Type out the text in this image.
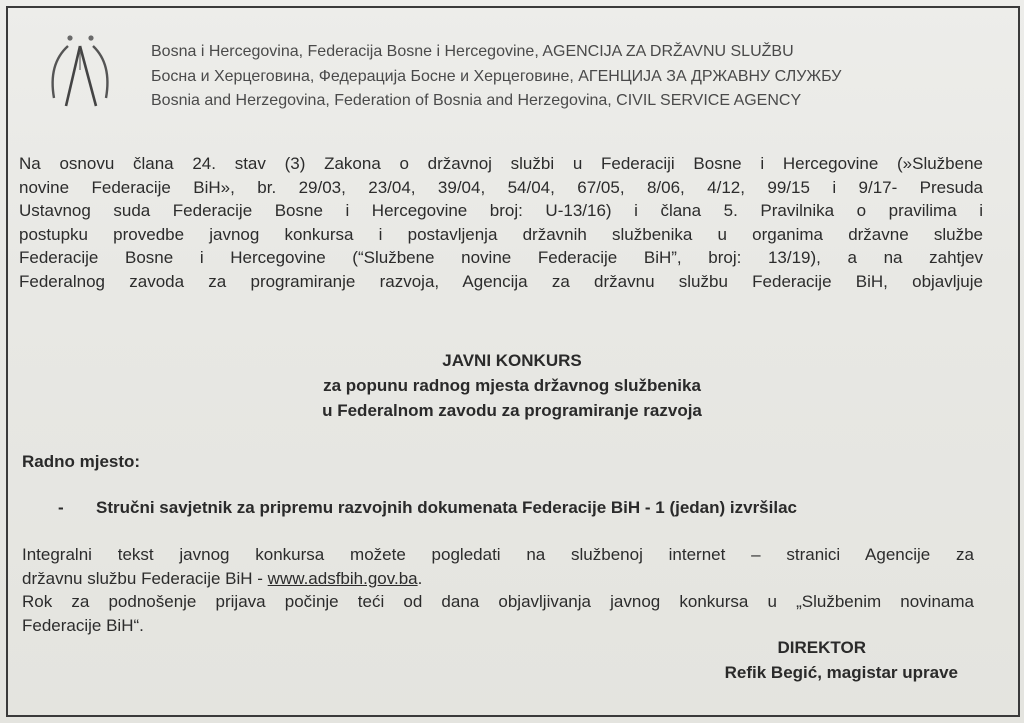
Bosna i Hercegovina, Federacija Bosne i Hercegovine, AGENCIJA ZA DRŽAVNU SLUŽBU
Босна и Херцеговина, Федерација Босне и Херцеговине, АГЕНЦИЈА ЗА ДРЖАВНУ СЛУЖБУ
Bosnia and Herzegovina, Federation of Bosnia and Herzegovina, CIVIL SERVICE AGENCY
Na osnovu člana 24. stav (3) Zakona o državnoj službi u Federaciji Bosne i Hercegovine (»Službene
novine Federacije BiH», br. 29/03, 23/04, 39/04, 54/04, 67/05, 8/06, 4/12, 99/15 i 9/17- Presuda
Ustavnog suda Federacije Bosne i Hercegovine broj: U-13/16) i člana 5. Pravilnika o pravilima i
postupku provedbe javnog konkursa i postavljenja državnih službenika u organima državne službe
Federacije Bosne i Hercegovine (“Službene novine Federacije BiH”, broj: 13/19), a na zahtjev
Federalnog zavoda za programiranje razvoja, Agencija za državnu službu Federacije BiH, objavljuje
JAVNI KONKURS
za popunu radnog mjesta državnog službenika
u Federalnom zavodu za programiranje razvoja
Radno mjesto:
- Stručni savjetnik za pripremu razvojnih dokumenata Federacije BiH - 1 (jedan) izvršilac
Integralni tekst javnog konkursa možete pogledati na službenoj internet – stranici Agencije za
državnu službu Federacije BiH - www.adsfbih.gov.ba.
Rok za podnošenje prijava počinje teći od dana objavljivanja javnog konkursa u „Službenim novinama
Federacije BiH“.
DIREKTOR
Refik Begić, magistar uprave
